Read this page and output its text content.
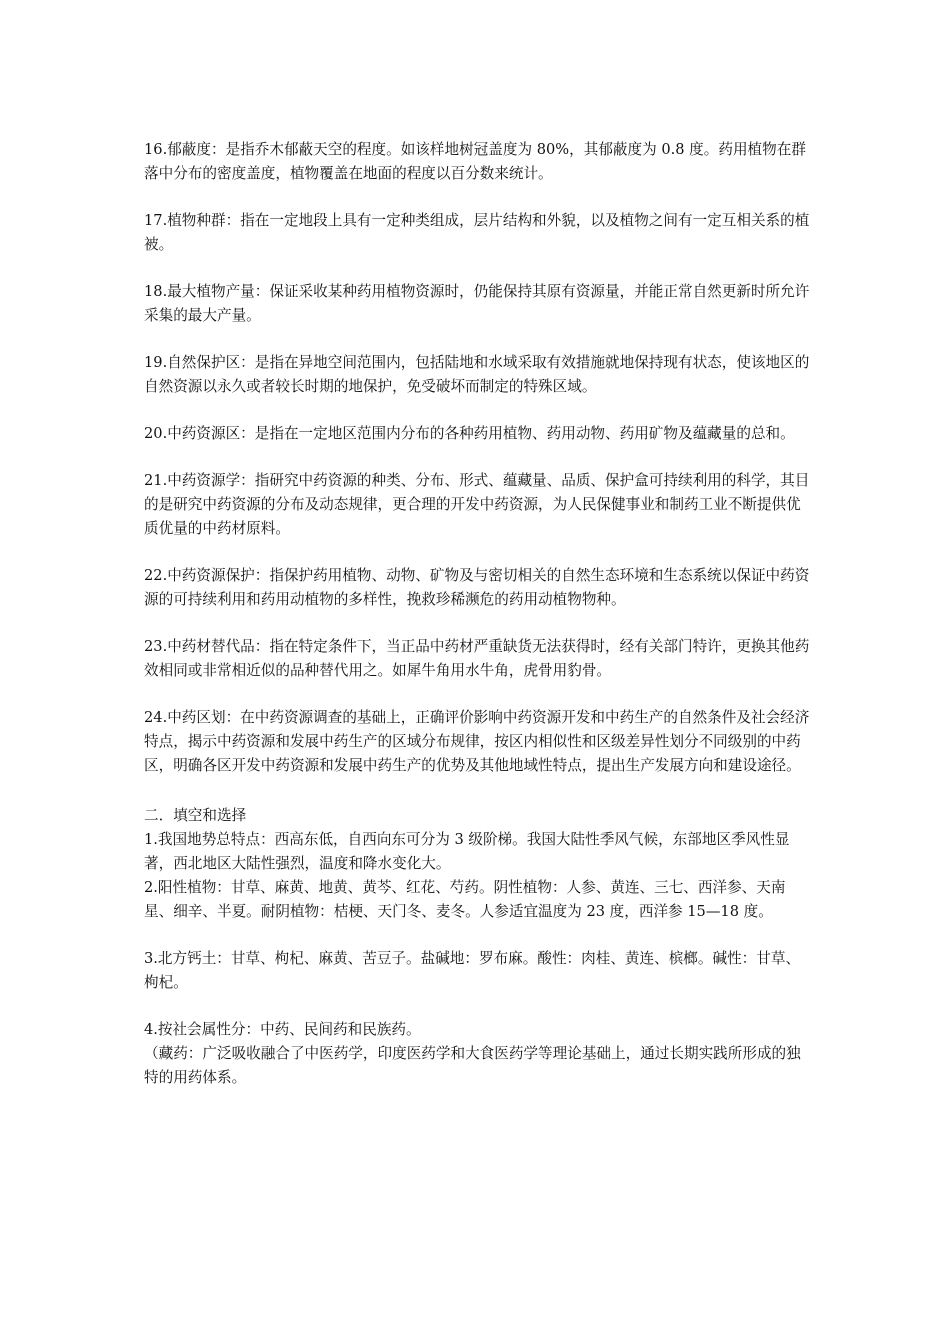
16.郁蔽度：是指乔木郁蔽天空的程度。如该样地树冠盖度为 80%，其郁蔽度为 0.8 度。药用植物在群落中分布的密度盖度，植物覆盖在地面的程度以百分数来统计。

17.植物种群：指在一定地段上具有一定种类组成，层片结构和外貌，以及植物之间有一定互相关系的植被。

18.最大植物产量：保证采收某种药用植物资源时，仍能保持其原有资源量，并能正常自然更新时所允许采集的最大产量。

19.自然保护区：是指在异地空间范围内，包括陆地和水域采取有效措施就地保持现有状态，使该地区的自然资源以永久或者较长时期的地保护，免受破坏而制定的特殊区域。

20.中药资源区：是指在一定地区范围内分布的各种药用植物、药用动物、药用矿物及蕴藏量的总和。

21.中药资源学：指研究中药资源的种类、分布、形式、蕴藏量、品质、保护盒可持续利用的科学，其目的是研究中药资源的分布及动态规律，更合理的开发中药资源，为人民保健事业和制药工业不断提供优质优量的中药材原料。

22.中药资源保护：指保护药用植物、动物、矿物及与密切相关的自然生态环境和生态系统以保证中药资源的可持续利用和药用动植物的多样性，挽救珍稀濒危的药用动植物物种。

23.中药材替代品：指在特定条件下，当正品中药材严重缺货无法获得时，经有关部门特许，更换其他药效相同或非常相近似的品种替代用之。如犀牛角用水牛角，虎骨用豹骨。

24.中药区划：在中药资源调查的基础上，正确评价影响中药资源开发和中药生产的自然条件及社会经济特点，揭示中药资源和发展中药生产的区域分布规律，按区内相似性和区级差异性划分不同级别的中药区，明确各区开发中药资源和发展中药生产的优势及其他地域性特点，提出生产发展方向和建设途径。

二．填空和选择

1.我国地势总特点：西高东低，自西向东可分为 3 级阶梯。我国大陆性季风气候，东部地区季风性显著，西北地区大陆性强烈，温度和降水变化大。

2.阳性植物：甘草、麻黄、地黄、黄芩、红花、芍药。阴性植物：人参、黄连、三七、西洋参、天南星、细辛、半夏。耐阴植物：桔梗、天门冬、麦冬。人参适宜温度为 23 度，西洋参 15—18 度。

3.北方钙土：甘草、枸杞、麻黄、苦豆子。盐碱地：罗布麻。酸性：肉桂、黄连、槟榔。碱性：甘草、枸杞。

4.按社会属性分：中药、民间药和民族药。

（藏药：广泛吸收融合了中医药学，印度医药学和大食医药学等理论基础上，通过长期实践所形成的独特的用药体系。
